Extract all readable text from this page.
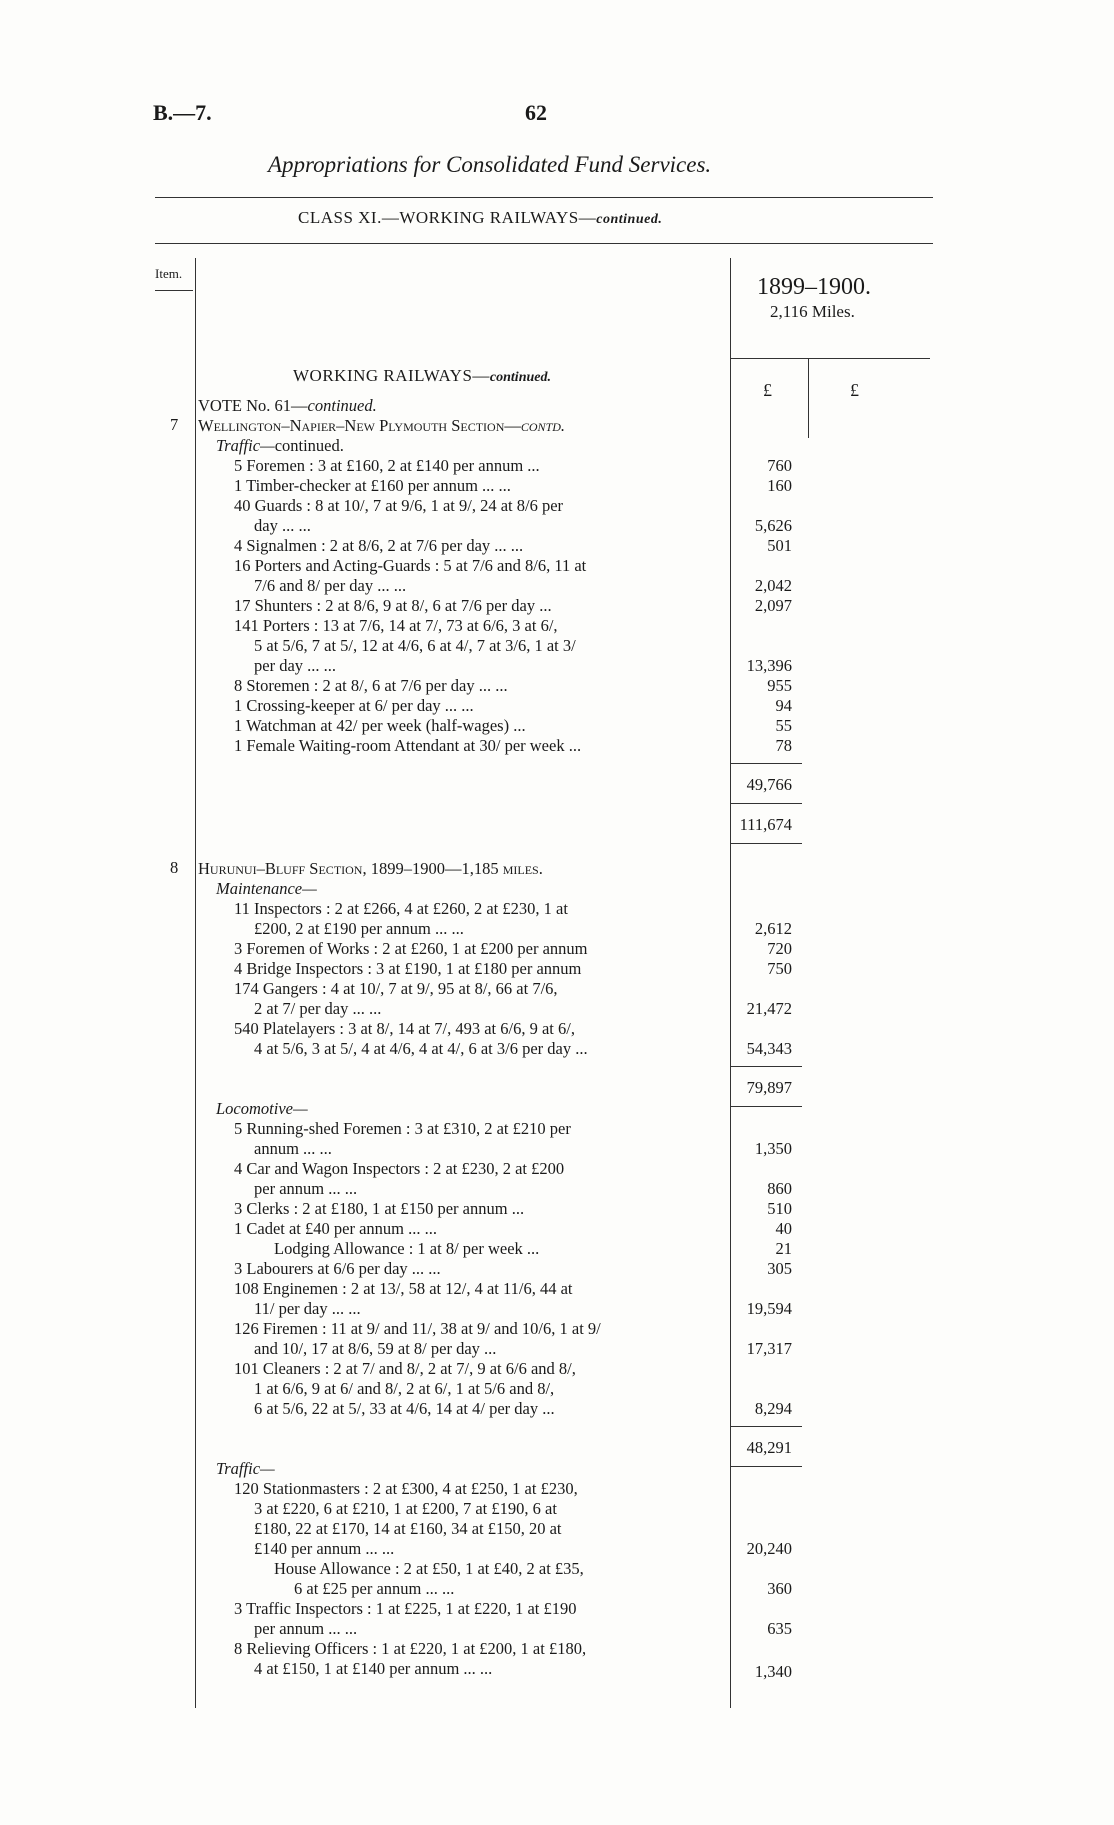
B.—7.	62
Appropriations for Consolidated Fund Services.
CLASS XI.—WORKING RAILWAYS—continued.
Item.
1899–1900.
2,116 Miles.
£	£
WORKING RAILWAYS—continued.
VOTE No. 61—continued.
7 Wellington–Napier–New Plymouth Section—contd.
Traffic—continued.
5 Foremen : 3 at £160, 2 at £140 per annum ...
1 Timber-checker at £160 per annum ... ...
40 Guards : 8 at 10/, 7 at 9/6, 1 at 9/, 24 at 8/6 per
day ... ...
4 Signalmen : 2 at 8/6, 2 at 7/6 per day ... ...
16 Porters and Acting-Guards : 5 at 7/6 and 8/6, 11 at
7/6 and 8/ per day ... ...
17 Shunters : 2 at 8/6, 9 at 8/, 6 at 7/6 per day ...
141 Porters : 13 at 7/6, 14 at 7/, 73 at 6/6, 3 at 6/,
5 at 5/6, 7 at 5/, 12 at 4/6, 6 at 4/, 7 at 3/6, 1 at 3/
per day ... ...
8 Storemen : 2 at 8/, 6 at 7/6 per day ... ...
1 Crossing-keeper at 6/ per day ... ...
1 Watchman at 42/ per week (half-wages) ...
1 Female Waiting-room Attendant at 30/ per week ...
760
160
5,626
501
2,042
2,097
13,396
955
94
55
78
49,766
111,674
8 Hurunui–Bluff Section, 1899–1900—1,185 miles.
Maintenance—
11 Inspectors : 2 at £266, 4 at £260, 2 at £230, 1 at
£200, 2 at £190 per annum ... ...
3 Foremen of Works : 2 at £260, 1 at £200 per annum
4 Bridge Inspectors : 3 at £190, 1 at £180 per annum
174 Gangers : 4 at 10/, 7 at 9/, 95 at 8/, 66 at 7/6,
2 at 7/ per day ... ...
540 Platelayers : 3 at 8/, 14 at 7/, 493 at 6/6, 9 at 6/,
4 at 5/6, 3 at 5/, 4 at 4/6, 4 at 4/, 6 at 3/6 per day ...
2,612
720
750
21,472
54,343
79,897
Locomotive—
5 Running-shed Foremen : 3 at £310, 2 at £210 per
annum ... ...
4 Car and Wagon Inspectors : 2 at £230, 2 at £200
per annum ... ...
3 Clerks : 2 at £180, 1 at £150 per annum ...
1 Cadet at £40 per annum ... ...
Lodging Allowance : 1 at 8/ per week ...
3 Labourers at 6/6 per day ... ...
108 Enginemen : 2 at 13/, 58 at 12/, 4 at 11/6, 44 at
11/ per day ... ...
126 Firemen : 11 at 9/ and 11/, 38 at 9/ and 10/6, 1 at 9/
and 10/, 17 at 8/6, 59 at 8/ per day ...
101 Cleaners : 2 at 7/ and 8/, 2 at 7/, 9 at 6/6 and 8/,
1 at 6/6, 9 at 6/ and 8/, 2 at 6/, 1 at 5/6 and 8/,
6 at 5/6, 22 at 5/, 33 at 4/6, 14 at 4/ per day ...
1,350
860
510
40
21
305
19,594
17,317
8,294
48,291
Traffic—
120 Stationmasters : 2 at £300, 4 at £250, 1 at £230,
3 at £220, 6 at £210, 1 at £200, 7 at £190, 6 at
£180, 22 at £170, 14 at £160, 34 at £150, 20 at
£140 per annum ... ...
House Allowance : 2 at £50, 1 at £40, 2 at £35,
6 at £25 per annum ... ...
3 Traffic Inspectors : 1 at £225, 1 at £220, 1 at £190
per annum ... ...
8 Relieving Officers : 1 at £220, 1 at £200, 1 at £180,
4 at £150, 1 at £140 per annum ... ...
20,240
360
635
1,340
